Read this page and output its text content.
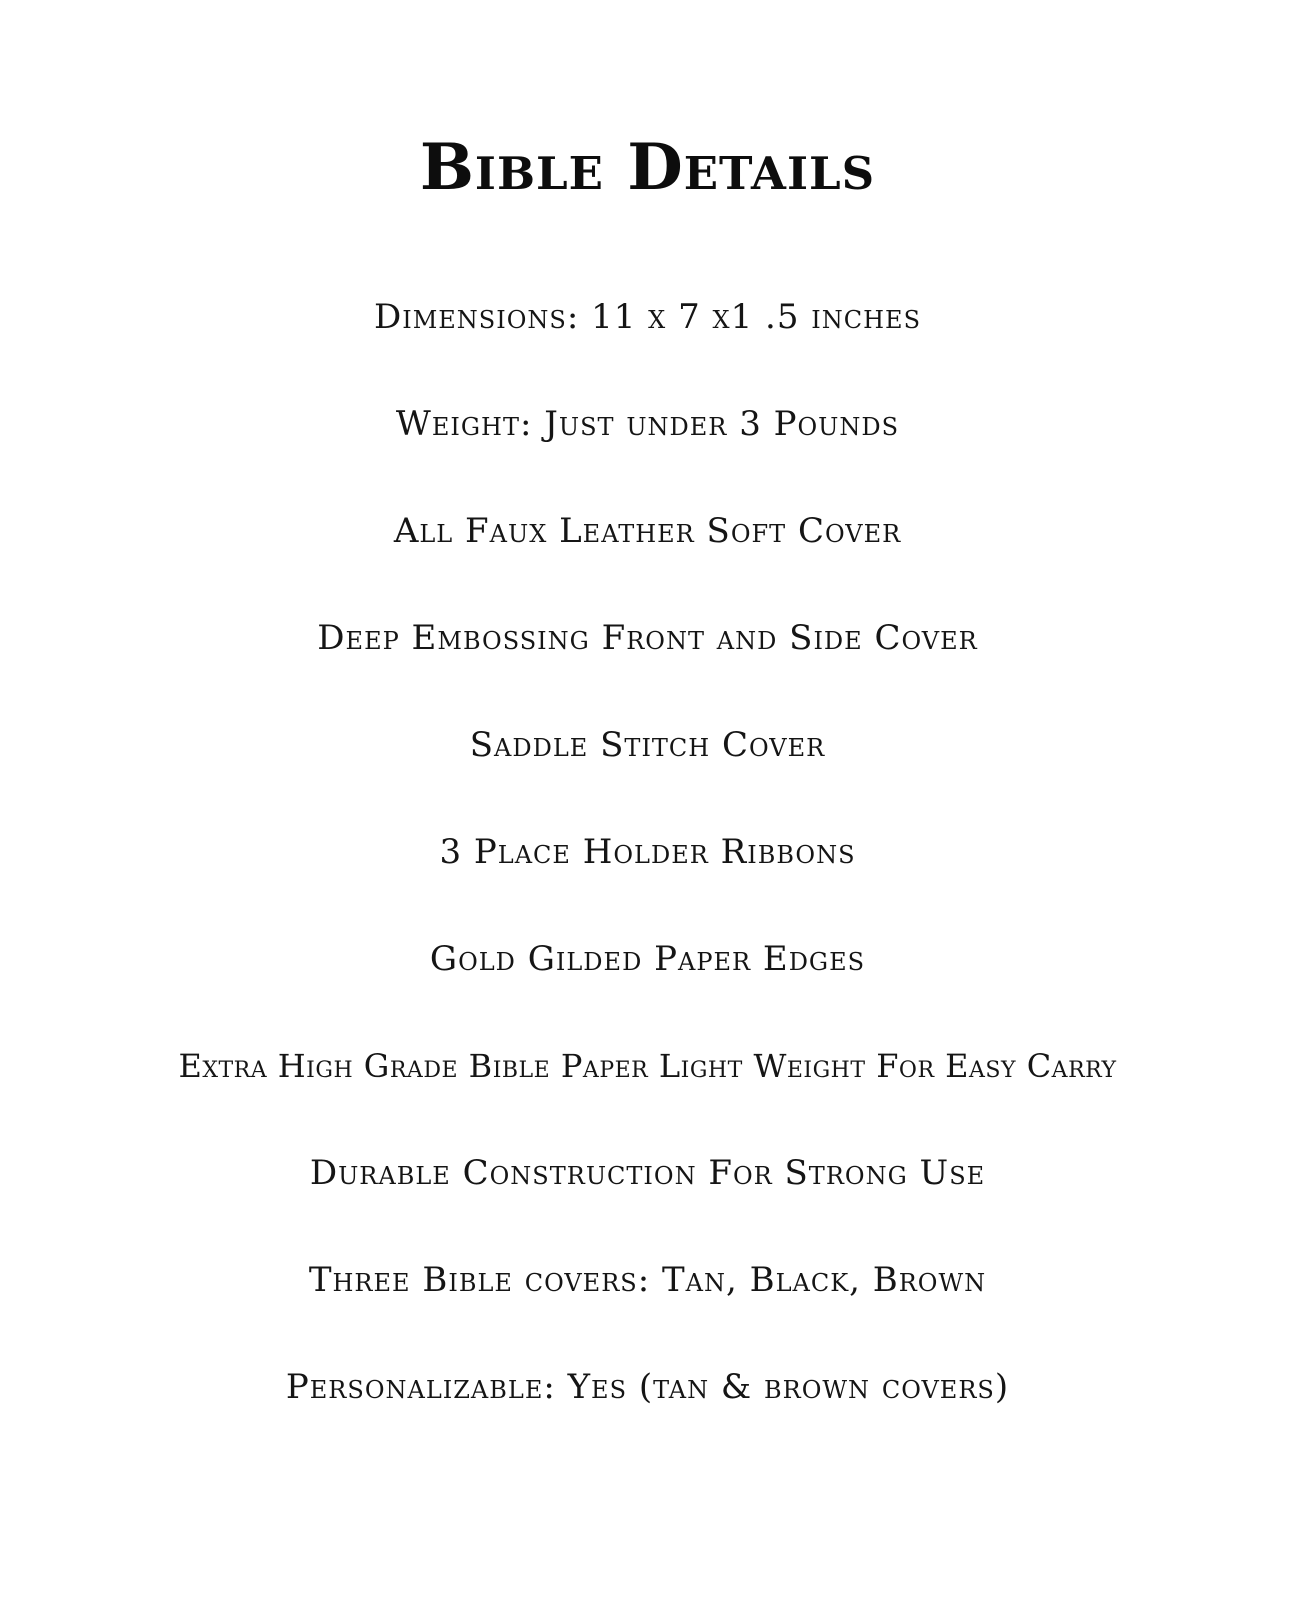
Bible Details
Dimensions: 11 x 7 x1 .5 inches
Weight: Just under 3 Pounds
All Faux Leather Soft Cover
Deep Embossing Front and Side Cover
Saddle Stitch Cover
3 Place Holder Ribbons
Gold Gilded Paper Edges
Extra High Grade Bible Paper Light Weight For Easy Carry
Durable Construction For Strong Use
Three Bible covers: Tan, Black, Brown
Personalizable: Yes (tan & brown covers)
